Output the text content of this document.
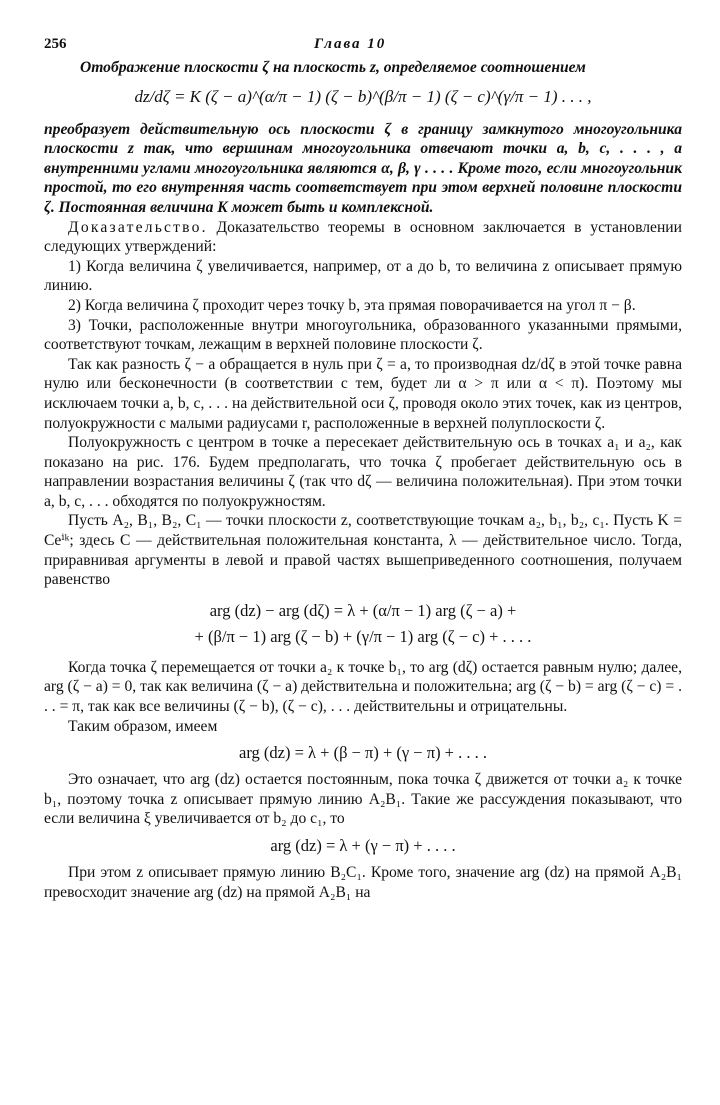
256	Глава 10

Отображение плоскости ζ на плоскость z, определяемое соотношением

dz/dζ = K (ζ − a)^(α/π − 1) (ζ − b)^(β/π − 1) (ζ − c)^(γ/π − 1) . . . ,

преобразует действительную ось плоскости ζ в границу замкнутого многоугольника плоскости z так, что вершинам многоугольника отвечают точки a, b, c, . . . , а внутренними углами многоугольника являются α, β, γ . . . . Кроме того, если многоугольник простой, то его внутренняя часть соответствует при этом верхней половине плоскости ζ. Постоянная величина K может быть и комплексной.

Доказательство. Доказательство теоремы в основном заключается в установлении следующих утверждений:

1) Когда величина ζ увеличивается, например, от a до b, то величина z описывает прямую линию.

2) Когда величина ζ проходит через точку b, эта прямая поворачивается на угол π − β.

3) Точки, расположенные внутри многоугольника, образованного указанными прямыми, соответствуют точкам, лежащим в верхней половине плоскости ζ.

Так как разность ζ − a обращается в нуль при ζ = a, то производная dz/dζ в этой точке равна нулю или бесконечности (в соответствии с тем, будет ли α > π или α < π). Поэтому мы исключаем точки a, b, c, . . . на действительной оси ζ, проводя около этих точек, как из центров, полуокружности с малыми радиусами r, расположенные в верхней полуплоскости ζ.

Полуокружность с центром в точке a пересекает действительную ось в точках a₁ и a₂, как показано на рис. 176. Будем предполагать, что точка ζ пробегает действительную ось в направлении возрастания величины ζ (так что dζ — величина положительная). При этом точки a, b, c, . . . обходятся по полуокружностям.

Пусть A₂, B₁, B₂, C₁ — точки плоскости z, соответствующие точкам a₂, b₁, b₂, c₁. Пусть K = Ceⁱᵏ; здесь C — действительная положительная константа, λ — действительное число. Тогда, приравнивая аргументы в левой и правой частях вышеприведенного соотношения, получаем равенство

arg (dz) − arg (dζ) = λ + (α/π − 1) arg (ζ − a) +
+ (β/π − 1) arg (ζ − b) + (γ/π − 1) arg (ζ − c) + . . . .

Когда точка ζ перемещается от точки a₂ к точке b₁, то arg (dζ) остается равным нулю; далее, arg (ζ − a) = 0, так как величина (ζ − a) действительна и положительна; arg (ζ − b) = arg (ζ − c) = . . . = π, так как все величины (ζ − b), (ζ − c), . . . действительны и отрицательны.

Таким образом, имеем

arg (dz) = λ + (β − π) + (γ − π) + . . . .

Это означает, что arg (dz) остается постоянным, пока точка ζ движется от точки a₂ к точке b₁, поэтому точка z описывает прямую линию A₂B₁. Такие же рассуждения показывают, что если величина ξ увеличивается от b₂ до c₁, то

arg (dz) = λ + (γ − π) + . . . .

При этом z описывает прямую линию B₂C₁. Кроме того, значение arg (dz) на прямой A₂B₁ превосходит значение arg (dz) на прямой A₂B₁ на
